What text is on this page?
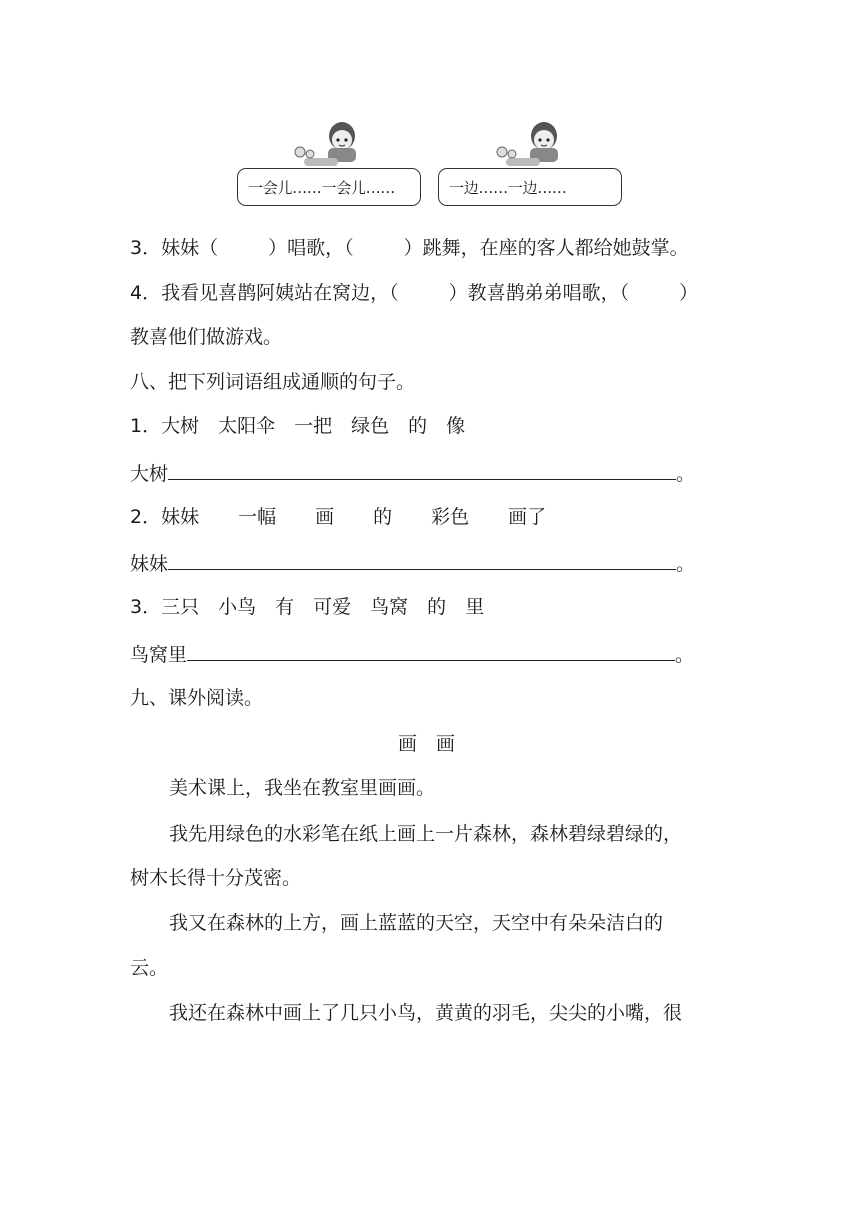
一会儿……一会儿……	一边……一边……
3．妹妹（	）唱歌，（	）跳舞，在座的客人都给她鼓掌。
4．我看见喜鹊阿姨站在窝边，（	）教喜鹊弟弟唱歌，（	）
教喜他们做游戏。
八、把下列词语组成通顺的句子。
1．大树 太阳伞 一把 绿色 的 像
大树	。
2．妹妹 一幅 画 的 彩色 画了
妹妹	。
3．三只 小鸟 有 可爱 鸟窝 的 里
鸟窝里	。
九、课外阅读。
画　画
美术课上，我坐在教室里画画。
我先用绿色的水彩笔在纸上画上一片森林，森林碧绿碧绿的，
树木长得十分茂密。
我又在森林的上方，画上蓝蓝的天空，天空中有朵朵洁白的
云。
我还在森林中画上了几只小鸟，黄黄的羽毛，尖尖的小嘴，很
